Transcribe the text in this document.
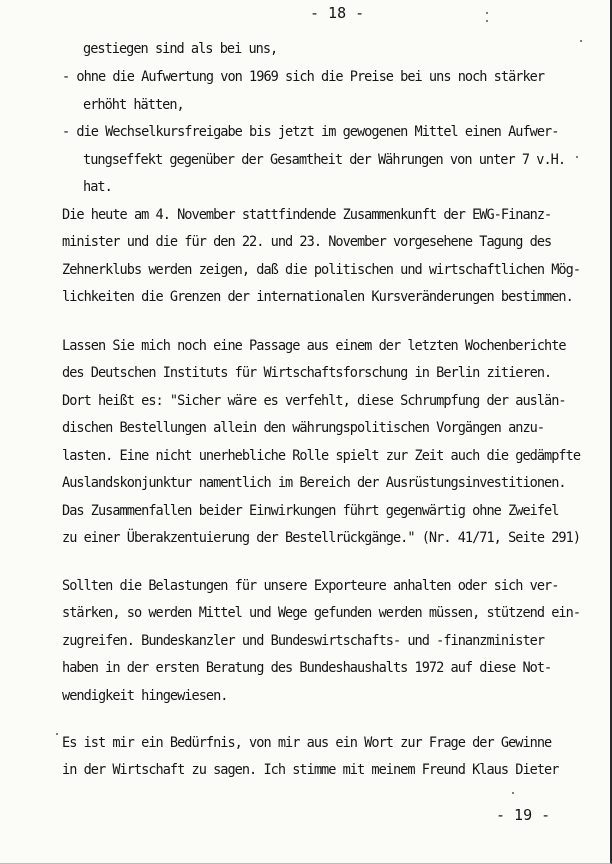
- 18 -
gestiegen sind als bei uns,
- ohne die Aufwertung von 1969 sich die Preise bei uns noch stärker
erhöht hätten,
- die Wechselkursfreigabe bis jetzt im gewogenen Mittel einen Aufwer-
tungseffekt gegenüber der Gesamtheit der Währungen von unter 7 v.H.
hat.
Die heute am 4. November stattfindende Zusammenkunft der EWG-Finanz-
minister und die für den 22. und 23. November vorgesehene Tagung des
Zehnerklubs werden zeigen, daß die politischen und wirtschaftlichen Mög-
lichkeiten die Grenzen der internationalen Kursveränderungen bestimmen.
Lassen Sie mich noch eine Passage aus einem der letzten Wochenberichte
des Deutschen Instituts für Wirtschaftsforschung in Berlin zitieren.
Dort heißt es: "Sicher wäre es verfehlt, diese Schrumpfung der auslän-
dischen Bestellungen allein den währungspolitischen Vorgängen anzu-
lasten. Eine nicht unerhebliche Rolle spielt zur Zeit auch die gedämpfte
Auslandskonjunktur namentlich im Bereich der Ausrüstungsinvestitionen.
Das Zusammenfallen beider Einwirkungen führt gegenwärtig ohne Zweifel
zu einer Überakzentuierung der Bestellrückgänge." (Nr. 41/71, Seite 291)
Sollten die Belastungen für unsere Exporteure anhalten oder sich ver-
stärken, so werden Mittel und Wege gefunden werden müssen, stützend ein-
zugreifen. Bundeskanzler und Bundeswirtschafts- und -finanzminister
haben in der ersten Beratung des Bundeshaushalts 1972 auf diese Not-
wendigkeit hingewiesen.
Es ist mir ein Bedürfnis, von mir aus ein Wort zur Frage der Gewinne
in der Wirtschaft zu sagen. Ich stimme mit meinem Freund Klaus Dieter
- 19 -
